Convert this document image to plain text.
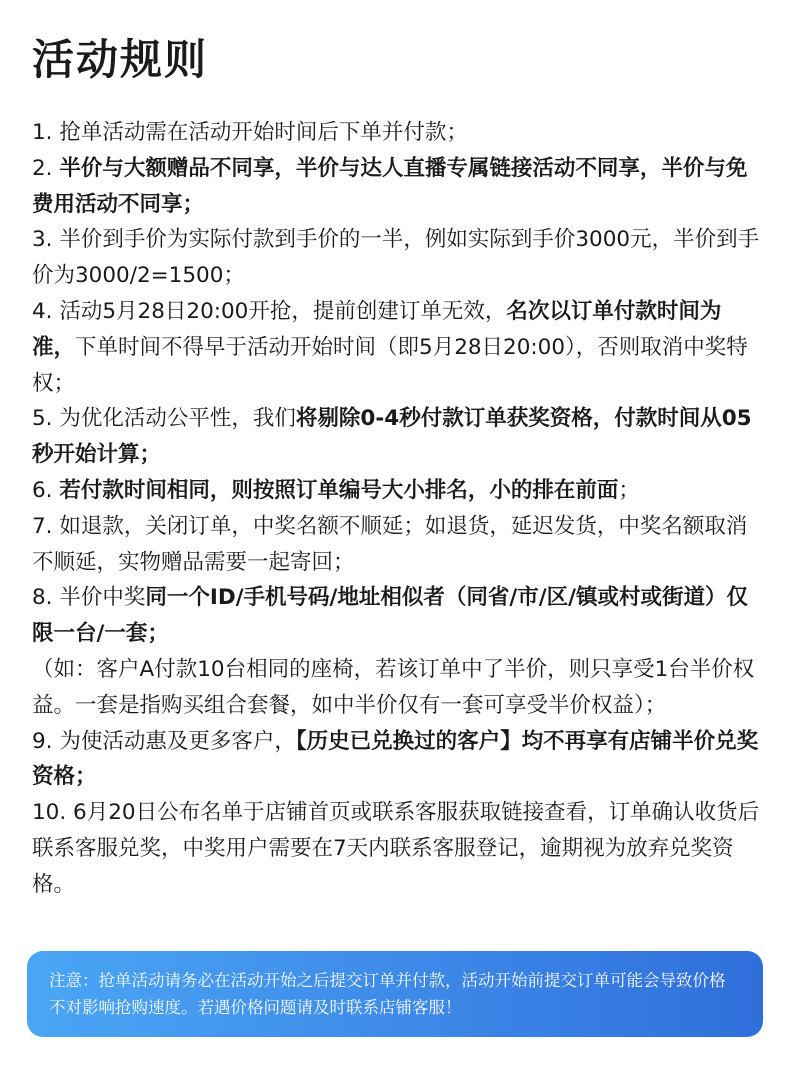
活动规则

1. 抢单活动需在活动开始时间后下单并付款；

2. 半价与大额赠品不同享，半价与达人直播专属链接活动不同享，半价与免费用活动不同享；

3. 半价到手价为实际付款到手价的一半，例如实际到手价3000元，半价到手价为3000/2=1500；

4. 活动5月28日20:00开抢，提前创建订单无效，名次以订单付款时间为准，下单时间不得早于活动开始时间（即5月28日20:00），否则取消中奖特权；

5. 为优化活动公平性，我们将剔除0-4秒付款订单获奖资格，付款时间从05秒开始计算；

6. 若付款时间相同，则按照订单编号大小排名，小的排在前面；

7. 如退款，关闭订单，中奖名额不顺延；如退货，延迟发货，中奖名额取消不顺延，实物赠品需要一起寄回；

8. 半价中奖同一个ID/手机号码/地址相似者（同省/市/区/镇或村或街道）仅限一台/一套；

（如：客户A付款10台相同的座椅，若该订单中了半价，则只享受1台半价权益。一套是指购买组合套餐，如中半价仅有一套可享受半价权益）；

9. 为使活动惠及更多客户，【历史已兑换过的客户】均不再享有店铺半价兑奖资格；

10. 6月20日公布名单于店铺首页或联系客服获取链接查看，订单确认收货后联系客服兑奖，中奖用户需要在7天内联系客服登记，逾期视为放弃兑奖资格。

注意：抢单活动请务必在活动开始之后提交订单并付款，活动开始前提交订单可能会导致价格不对影响抢购速度。若遇价格问题请及时联系店铺客服！
